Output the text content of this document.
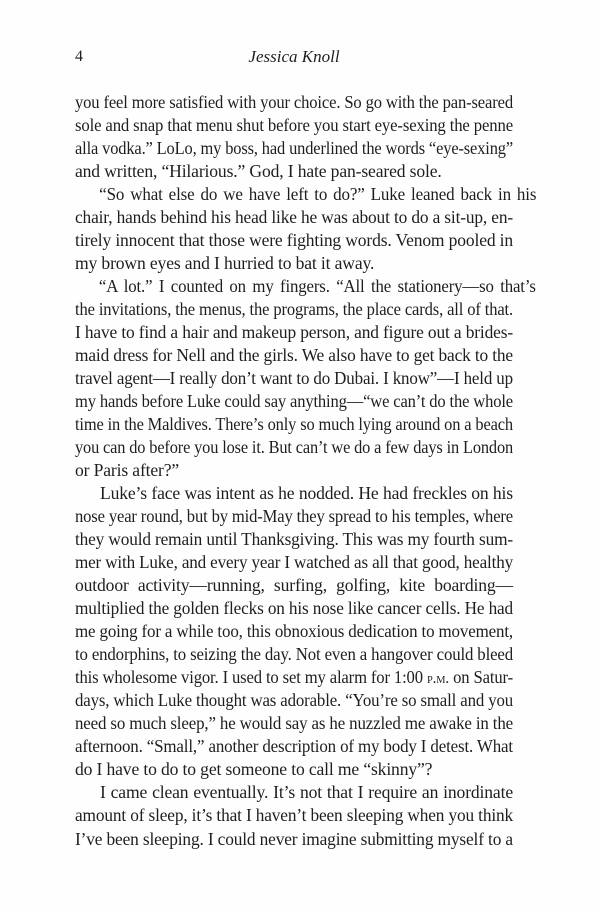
4	Jessica Knoll
you feel more satisfied with your choice. So go with the pan-seared
sole and snap that menu shut before you start eye-sexing the penne
alla vodka.” LoLo, my boss, had underlined the words “eye-sexing”
and written, “Hilarious.” God, I hate pan-seared sole.
“So what else do we have left to do?” Luke leaned back in his
chair, hands behind his head like he was about to do a sit-up, en-
tirely innocent that those were fighting words. Venom pooled in
my brown eyes and I hurried to bat it away.
“A lot.” I counted on my fingers. “All the stationery—so that’s
the invitations, the menus, the programs, the place cards, all of that.
I have to find a hair and makeup person, and figure out a brides-
maid dress for Nell and the girls. We also have to get back to the
travel agent—I really don’t want to do Dubai. I know”—I held up
my hands before Luke could say anything—“we can’t do the whole
time in the Maldives. There’s only so much lying around on a beach
you can do before you lose it. But can’t we do a few days in London
or Paris after?”
Luke’s face was intent as he nodded. He had freckles on his
nose year round, but by mid-May they spread to his temples, where
they would remain until Thanksgiving. This was my fourth sum-
mer with Luke, and every year I watched as all that good, healthy
outdoor activity—running, surfing, golfing, kite boarding—
multiplied the golden flecks on his nose like cancer cells. He had
me going for a while too, this obnoxious dedication to movement,
to endorphins, to seizing the day. Not even a hangover could bleed
this wholesome vigor. I used to set my alarm for 1:00 p.m. on Satur-
days, which Luke thought was adorable. “You’re so small and you
need so much sleep,” he would say as he nuzzled me awake in the
afternoon. “Small,” another description of my body I detest. What
do I have to do to get someone to call me “skinny”?
I came clean eventually. It’s not that I require an inordinate
amount of sleep, it’s that I haven’t been sleeping when you think
I’ve been sleeping. I could never imagine submitting myself to a
